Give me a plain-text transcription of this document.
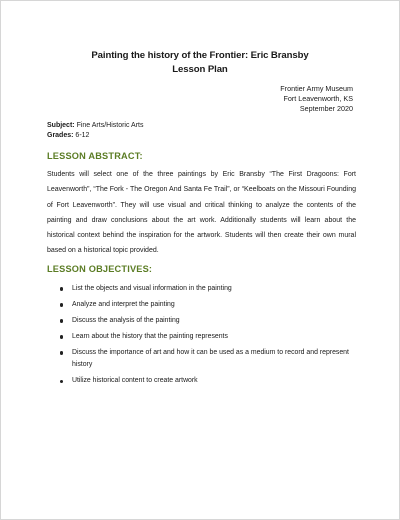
Painting the history of the Frontier: Eric Bransby
Lesson Plan
Frontier Army Museum
Fort Leavenworth, KS
September 2020
Subject: Fine Arts/Historic Arts
Grades: 6-12
LESSON ABSTRACT:

Students will select one of the three paintings by Eric Bransby “The First Dragoons: Fort Leavenworth”, “The Fork - The Oregon And Santa Fe Trail”, or “Keelboats on the Missouri Founding of Fort Leavenworth”. They will use visual and critical thinking to analyze the contents of the painting and draw conclusions about the art work. Additionally students will learn about the historical context behind the inspiration for the artwork. Students will then create their own mural based on a historical topic provided.

LESSON OBJECTIVES:
List the objects and visual information in the painting
Analyze and interpret the painting
Discuss the analysis of the painting
Learn about the history that the painting represents
Discuss the importance of art and how it can be used as a medium to record and represent history
Utilize historical content to create artwork
